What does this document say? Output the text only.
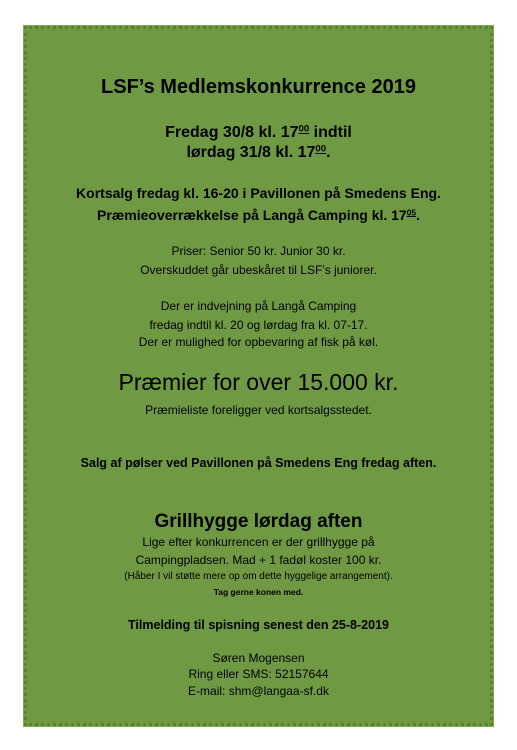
LSF’s Medlemskonkurrence 2019
Fredag 30/8 kl. $17^{00}$ indtil
lørdag 31/8 kl. $17^{00}$.
Kortsalg fredag kl. 16-20 i Pavillonen på Smedens Eng.
Præmieoverrækkelse på Langå Camping kl. $17^{05}$.
Priser: Senior 50 kr. Junior 30 kr.
Overskuddet går ubeskåret til LSF’s juniorer.
Der er indvejning på Langå Camping
fredag indtil kl. 20 og lørdag fra kl. 07-17.
Der er mulighed for opbevaring af fisk på køl.
Præmier for over 15.000 kr.
Præmieliste foreligger ved kortsalgsstedet.
Salg af pølser ved Pavillonen på Smedens Eng fredag aften.
Grillhygge lørdag aften
Lige efter konkurrencen er der grillhygge på
Campingpladsen. Mad + 1 fadøl koster 100 kr.
(Håber I vil støtte mere op om dette hyggelige arrangement).
Tag gerne konen med.
Tilmelding til spisning senest den 25-8-2019
Søren Mogensen
Ring eller SMS: 52157644
E-mail: shm@langaa-sf.dk
